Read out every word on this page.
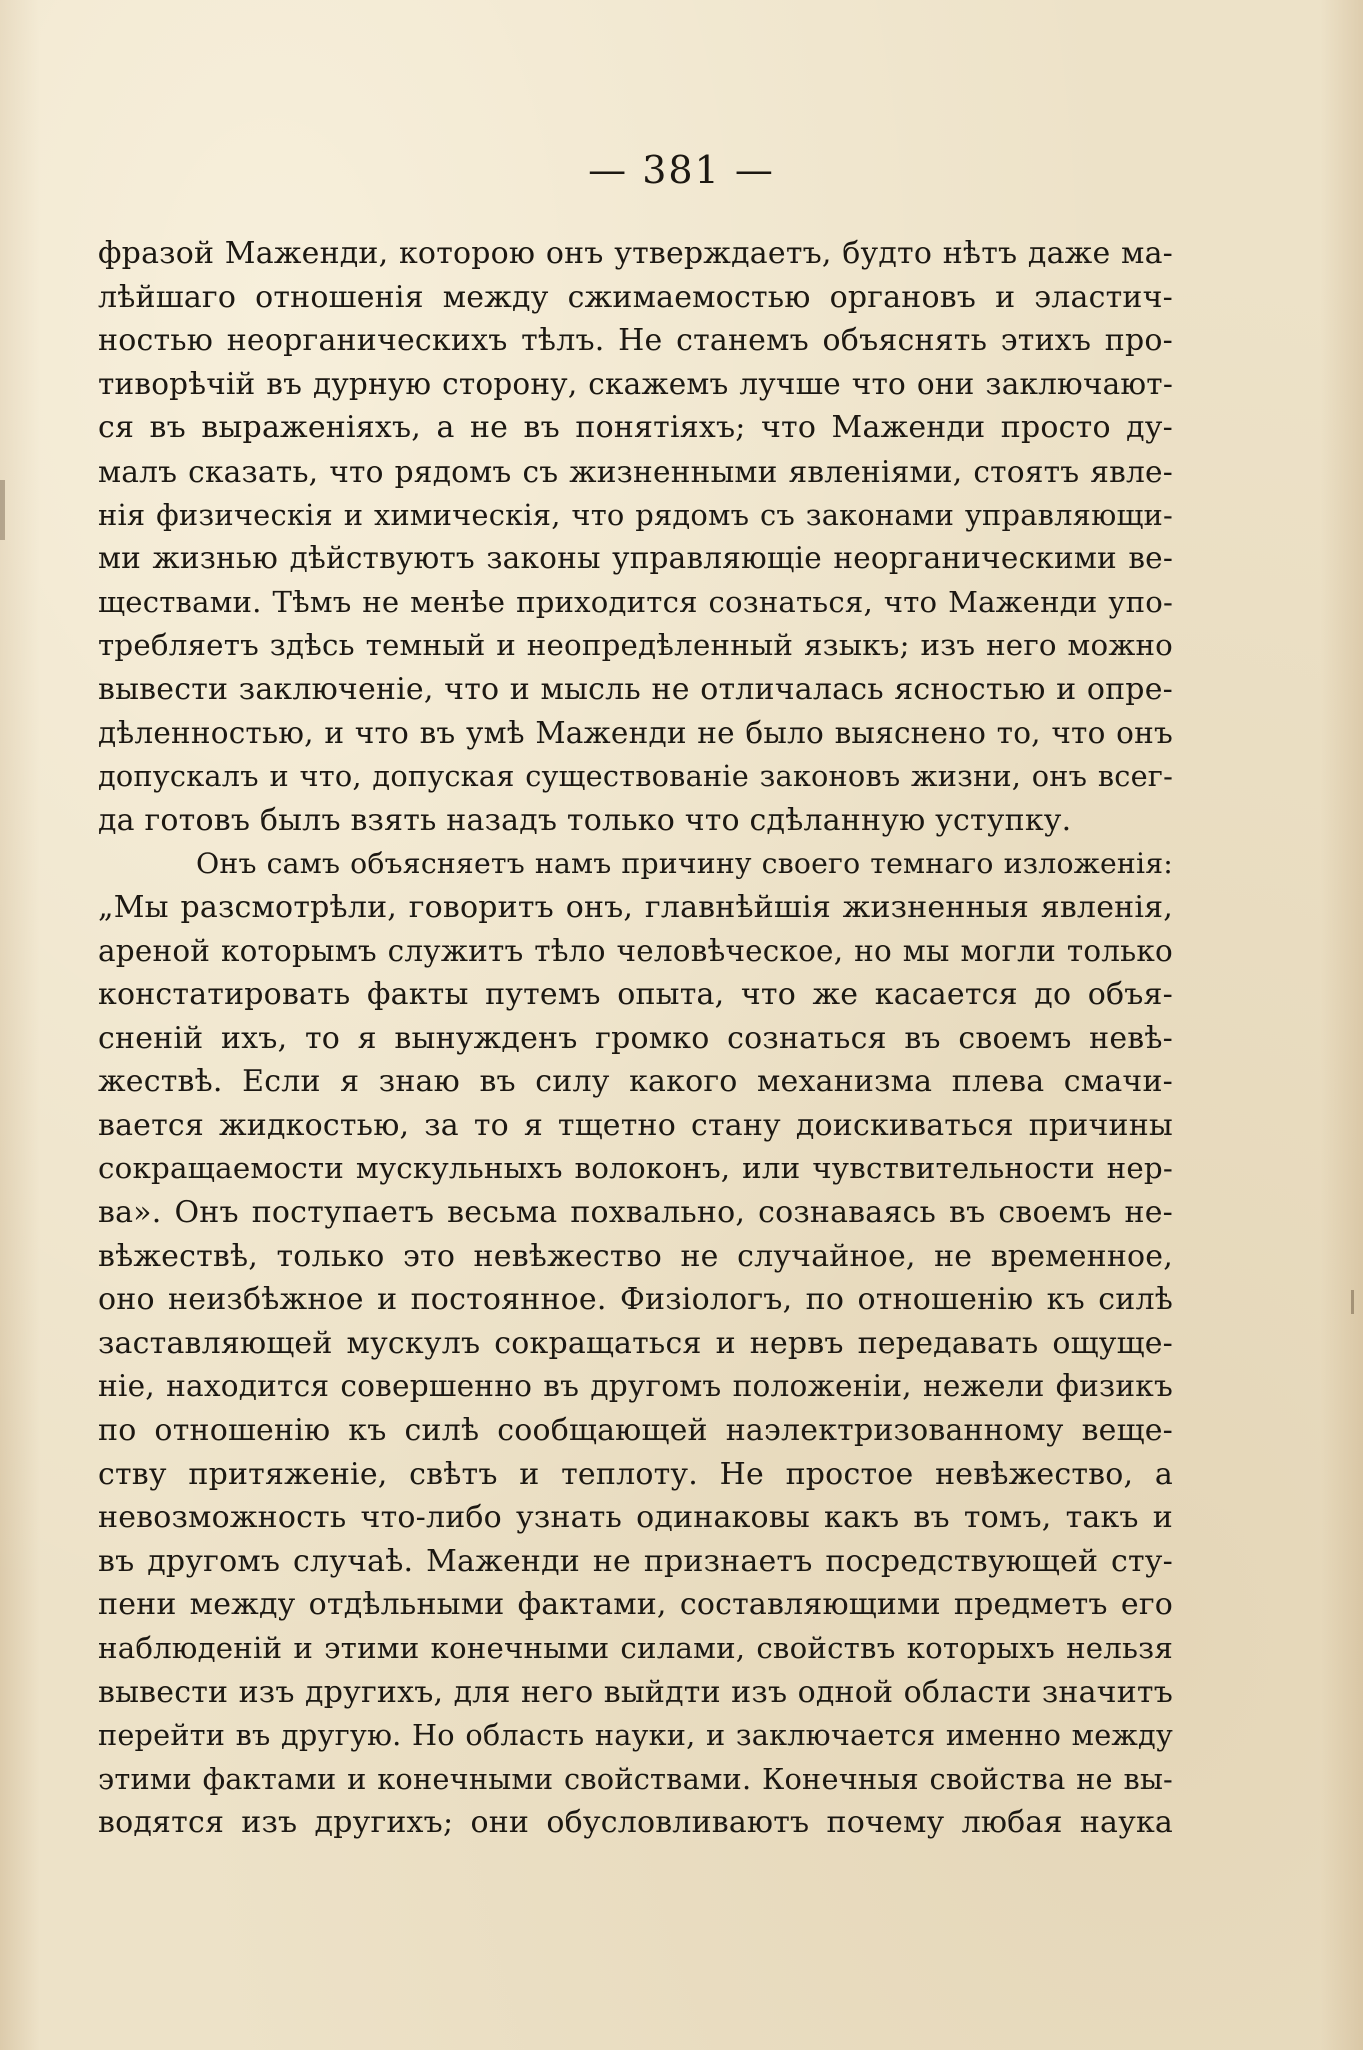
— 381 —
фразой Маженди, которою онъ утверждаетъ, будто нѣтъ даже ма-
лѣйшаго отношенія между сжимаемостью органовъ и эластич-
ностью неорганическихъ тѣлъ. Не станемъ объяснять этихъ про-
тиворѣчій въ дурную сторону, скажемъ лучше что они заключают-
ся въ выраженіяхъ, а не въ понятіяхъ; что Маженди просто ду-
малъ сказать, что рядомъ съ жизненными явленіями, стоятъ явле-
нія физическія и химическія, что рядомъ съ законами управляющи-
ми жизнью дѣйствуютъ законы управляющіе неорганическими ве-
ществами. Тѣмъ не менѣе приходится сознаться, что Маженди упо-
требляетъ здѣсь темный и неопредѣленный языкъ; изъ него можно
вывести заключеніе, что и мысль не отличалась ясностью и опре-
дѣленностью, и что въ умѣ Маженди не было выяснено то, что онъ
допускалъ и что, допуская существованіе законовъ жизни, онъ всег-
да готовъ былъ взять назадъ только что сдѣланную уступку.
Онъ самъ объясняетъ намъ причину своего темнаго изложенія:
„Мы разсмотрѣли, говоритъ онъ, главнѣйшія жизненныя явленія,
ареной которымъ служитъ тѣло человѣческое, но мы могли только
констатировать факты путемъ опыта, что же касается до объя-
сненій ихъ, то я вынужденъ громко сознаться въ своемъ невѣ-
жествѣ. Если я знаю въ силу какого механизма плева смачи-
вается жидкостью, за то я тщетно стану доискиваться причины
сокращаемости мускульныхъ волоконъ, или чувствительности нер-
ва». Онъ поступаетъ весьма похвально, сознаваясь въ своемъ не-
вѣжествѣ, только это невѣжество не случайное, не временное,
оно неизбѣжное и постоянное. Физіологъ, по отношенію къ силѣ
заставляющей мускулъ сокращаться и нервъ передавать ощуще-
ніе, находится совершенно въ другомъ положеніи, нежели физикъ
по отношенію къ силѣ сообщающей наэлектризованному веще-
ству притяженіе, свѣтъ и теплоту. Не простое невѣжество, а
невозможность что-либо узнать одинаковы какъ въ томъ, такъ и
въ другомъ случаѣ. Маженди не признаетъ посредствующей сту-
пени между отдѣльными фактами, составляющими предметъ его
наблюденій и этими конечными силами, свойствъ которыхъ нельзя
вывести изъ другихъ, для него выйдти изъ одной области значитъ
перейти въ другую. Но область науки, и заключается именно между
этими фактами и конечными свойствами. Конечныя свойства не вы-
водятся изъ другихъ; они обусловливаютъ почему любая наука
